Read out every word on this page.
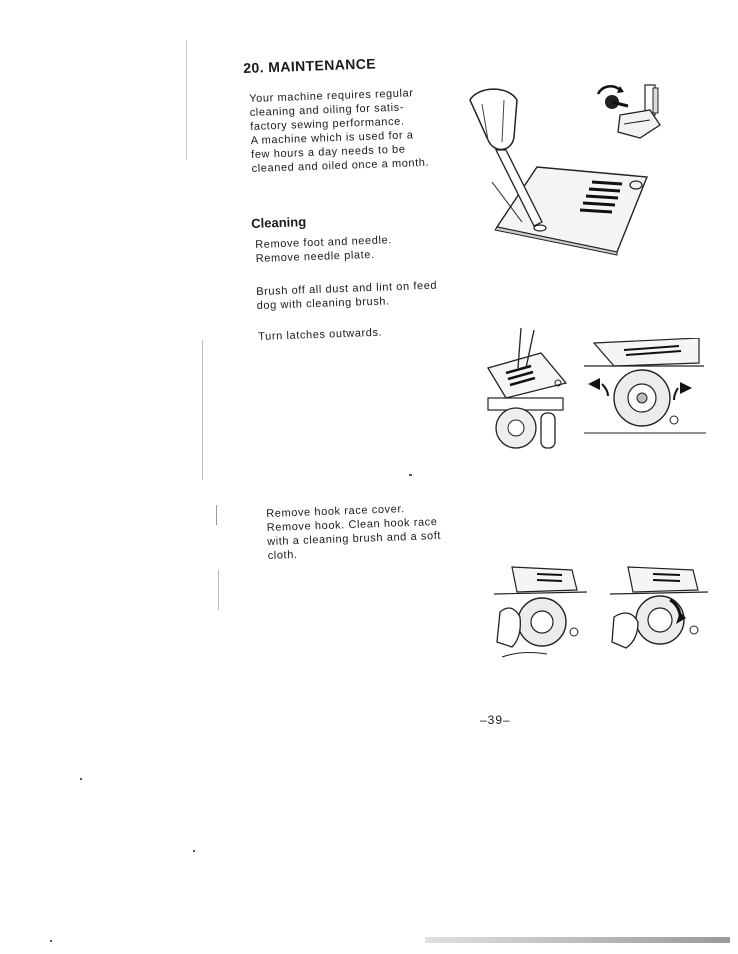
20. MAINTENANCE
Your machine requires regular
cleaning and oiling for satis-
factory sewing performance.
A machine which is used for a
few hours a day needs to be
cleaned and oiled once a month.
Cleaning
Remove foot and needle.
Remove needle plate.
Brush off all dust and lint on feed
dog with cleaning brush.
Turn latches outwards.
Remove hook race cover.
Remove hook. Clean hook race
with a cleaning brush and a soft
cloth.
–39–
